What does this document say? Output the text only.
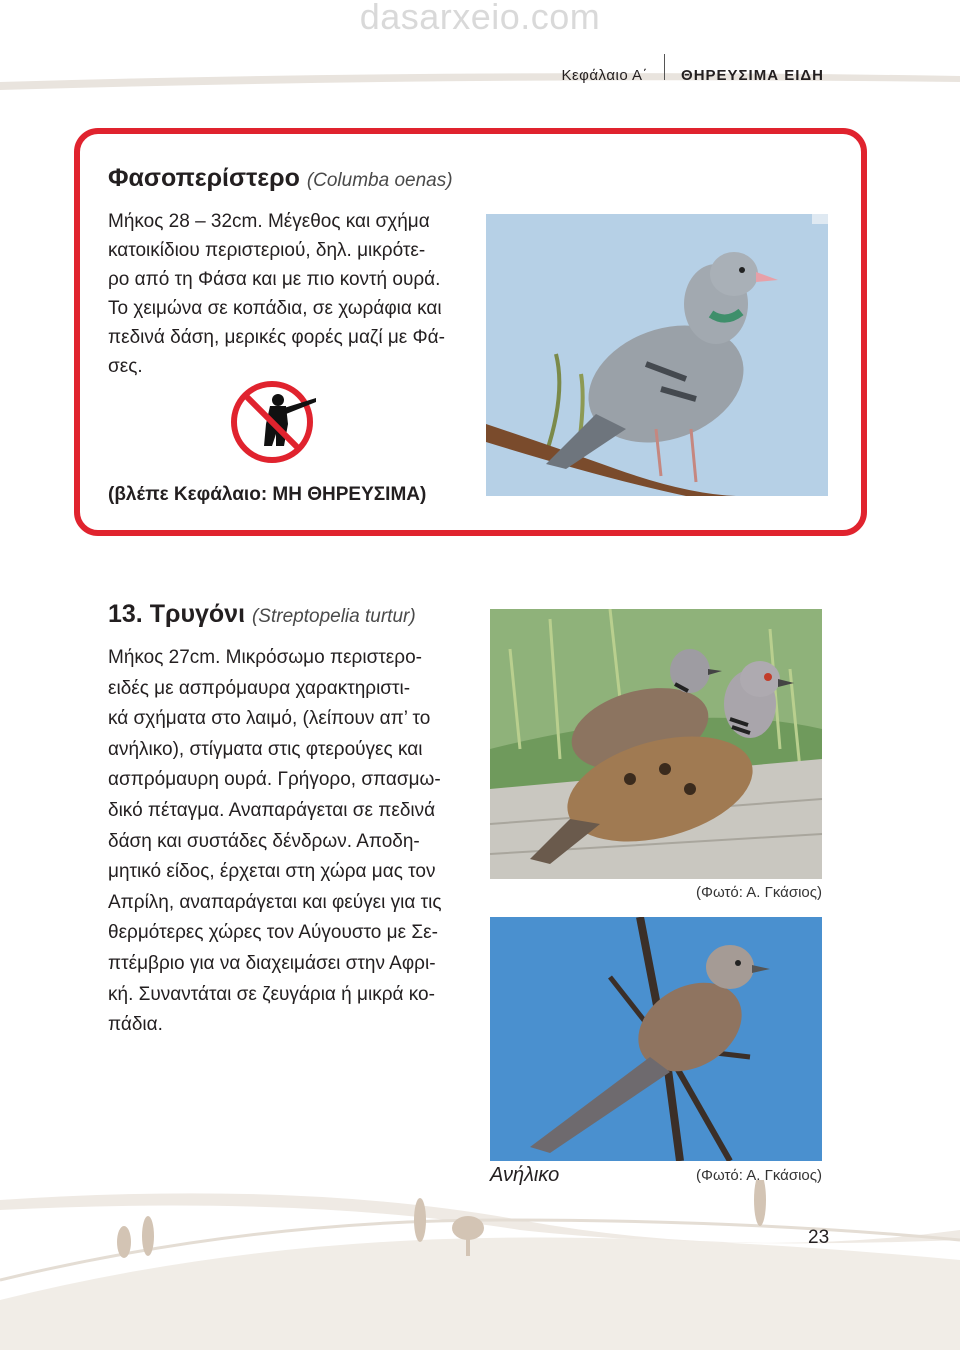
dasarxeio.com
Κεφάλαιο Α΄ ΘΗΡΕΥΣΙΜΑ ΕΙΔΗ
Φασοπερίστερο (Columba oenas)
Μήκος 28 – 32cm. Μέγεθος και σχήμα
κατοικίδιου περιστεριού, δηλ. μικρότε-
ρο από τη Φάσα και με πιο κοντή ουρά.
Το χειμώνα σε κοπάδια, σε χωράφια και
πεδινά δάση, μερικές φορές μαζί με Φά-
σες.
(βλέπε Κεφάλαιο: ΜΗ ΘΗΡΕΥΣΙΜΑ)
13. Τρυγόνι (Streptopelia turtur)
Μήκος 27cm. Μικρόσωμο περιστερο-
ειδές με ασπρόμαυρα χαρακτηριστι-
κά σχήματα στο λαιμό, (λείπουν απ’ το
ανήλικο), στίγματα στις φτερούγες και
ασπρόμαυρη ουρά. Γρήγορο, σπασμω-
δικό πέταγμα. Αναπαράγεται σε πεδινά
δάση και συστάδες δένδρων. Αποδη-
μητικό είδος, έρχεται στη χώρα μας τον
Απρίλη, αναπαράγεται και φεύγει για τις
θερμότερες χώρες τον Αύγουστο με Σε-
πτέμβριο για να διαχειμάσει στην Αφρι-
κή. Συναντάται σε ζευγάρια ή μικρά κο-
πάδια.
(Φωτό: Α. Γκάσιος)
Ανήλικο	(Φωτό: Α. Γκάσιος)
23
